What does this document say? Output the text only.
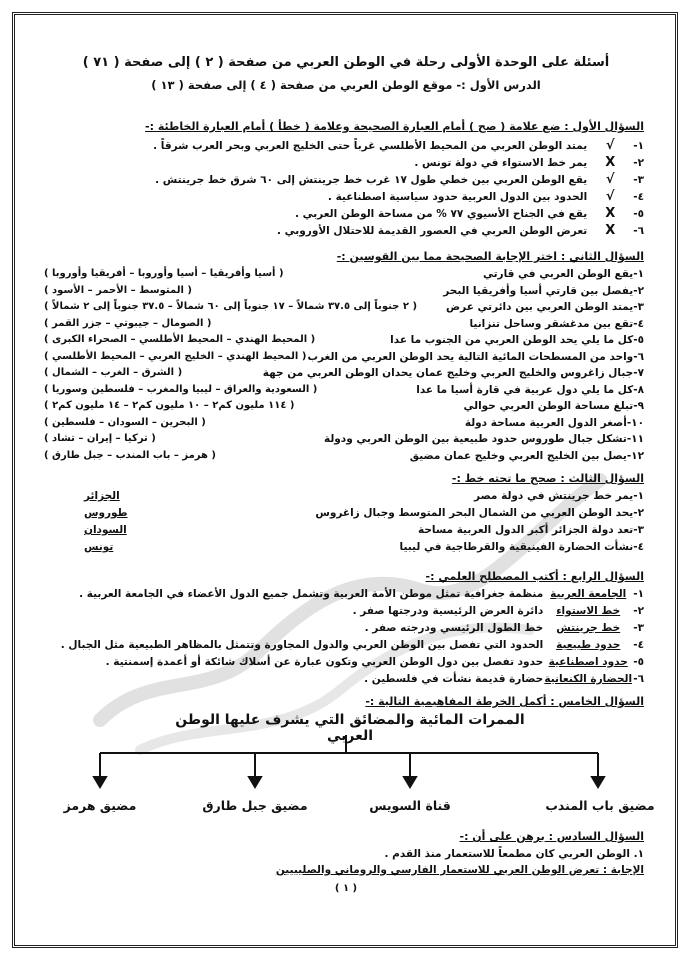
أسئلة على الوحدة الأولى رحلة في الوطن العربي من صفحة ( ٢ ) إلى صفحة ( ٧١ )
الدرس الأول :- موقع الوطن العربي من صفحة ( ٤ ) إلى صفحة ( ١٣ )
السؤال الأول : ضع علامة ( صح ) أمام العبارة الصحيحة وعلامة ( خطأ ) أمام العبارة الخاطئة :-
١-√يمتد الوطن العربي من المحيط الأطلسي غرباً حتى الخليج العربي وبحر العرب شرقاً .
٢-Xيمر خط الاستواء في دولة تونس .
٣-√يقع الوطن العربي بين خطي طول ١٧ غرب خط جرينتش إلى ٦٠ شرق خط جرينتش .
٤-√الحدود بين الدول العربية حدود سياسية اصطناعية .
٥-Xيقع في الجناح الأسيوي ٧٧ % من مساحة الوطن العربي .
٦-Xتعرض الوطن العربي في العصور القديمة للاحتلال الأوروبي .
السؤال الثاني : اختر الإجابة الصحيحة مما بين القوسين :-
١-يقع الوطن العربي في قارتي
( أسيا وأفريقيا – أسيا وأوروبا – أفريقيا وأوروبا )
٢-يفصل بين قارتي أسيا وأفريقيا البحر
( المتوسط – الأحمر – الأسود )
٣-يمتد الوطن العربي بين دائرتي عرض
( ٢ جنوباً إلى ٣٧.٥ شمالاً – ١٧ جنوباً إلى ٦٠ شمالاً – ٣٧.٥ جنوباً إلى ٢ شمالاً )
٤-تقع بين مدغشقر وساحل تنزانيا
( الصومال – جيبوتي – جزر القمر )
٥-كل ما يلي يحد الوطن العربي من الجنوب ما عدا
( المحيط الهندي – المحيط الأطلسي – الصحراء الكبرى )
٦-واحد من المسطحات المائية التالية يحد الوطن العربي من الغرب
( المحيط الهندي – الخليج العربي – المحيط الأطلسي )
٧-جبال زاغروس والخليج العربي وخليج عمان يحدان الوطن العربي من جهة
( الشرق – الغرب – الشمال )
٨-كل ما يلي دول عربية في قارة أسيا ما عدا
( السعودية والعراق – ليبيا والمغرب – فلسطين وسوريا )
٩-تبلغ مساحة الوطن العربي حوالي
( ١١٤ مليون كم٢ – ١٠ مليون كم٢ – ١٤ مليون كم٢ )
١٠-أصغر الدول العربية مساحة دولة
( البحرين – السودان – فلسطين )
١١-تشكل جبال طوروس حدود طبيعية بين الوطن العربي ودولة
( تركيا – إيران – تشاد )
١٢-يصل بين الخليج العربي وخليج عمان مضيق
( هرمز – باب المندب – جبل طارق )
السؤال الثالث : صحح ما تحته خط :-
١-يمر خط جرينتش في دولة مصر
الجزائر
٢-يحد الوطن العربي من الشمال البحر المتوسط وجبال زاغروس
طوروس
٣-تعد دولة الجزائر أكبر الدول العربية مساحة
السودان
٤-نشأت الحضارة الفينيقية والقرطاجية في ليبيا
تونس
السؤال الرابع : أكتب المصطلح العلمي :-
١-الجامعة العربيةمنظمة جغرافية تمثل موطن الأمة العربية وتشمل جميع الدول الأعضاء في الجامعة العربية .
٢-خط الاستواءدائرة العرض الرئيسية ودرجتها صفر .
٣-خط جرينتشخط الطول الرئيسي ودرجته صفر .
٤-حدود طبيعيةالحدود التي تفصل بين الوطن العربي والدول المجاورة وتتمثل بالمظاهر الطبيعية مثل الجبال .
٥-حدود اصطناعيةحدود تفصل بين دول الوطن العربي وتكون عبارة عن أسلاك شائكة أو أعمدة إسمنتية .
٦-الحضارة الكنعانيةحضارة قديمة نشأت في فلسطين .
السؤال الخامس : أكمل الخرطة المفاهيمية التالية :-
الممرات المائية والمضائق التي يشرف عليها الوطن العربي
مضيق باب المندب
قناة السويس
مضيق جبل طارق
مضيق هرمز
السؤال السادس : برهن على أن :-
١. الوطن العربي كان مطمعاً للاستعمار منذ القدم .
الإجابة : تعرض الوطن العربي للاستعمار الفارسي والروماني والصليبيين
( ١ )
